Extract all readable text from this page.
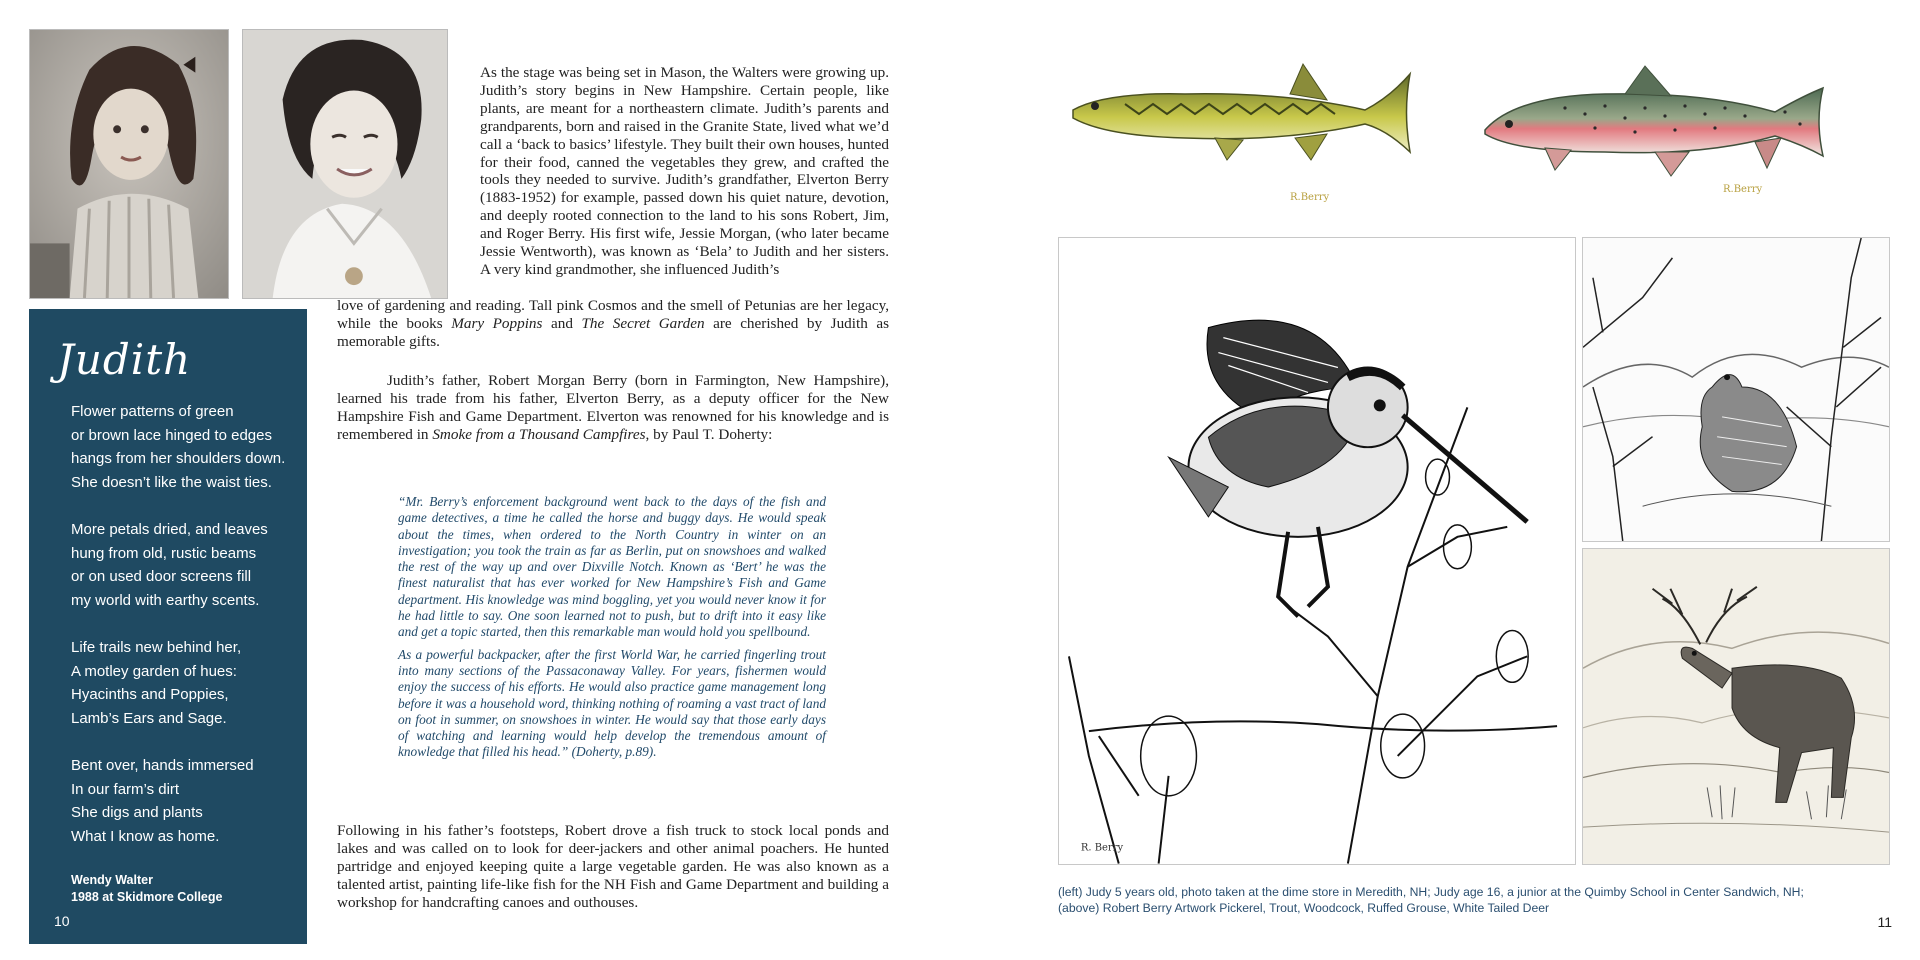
As the stage was being set in Mason, the Walters were growing up. Judith’s story begins in New Hampshire. Certain people, like plants, are meant for a northeastern climate. Judith’s parents and grandparents, born and raised in the Granite State, lived what we’d call a ‘back to basics’ lifestyle. They built their own houses, hunted for their food, canned the vegetables they grew, and crafted the tools they needed to survive. Judith’s grandfather, Elverton Berry (1883-1952) for example, passed down his quiet nature, devotion, and deeply rooted connection to the land to his sons Robert, Jim, and Roger Berry. His first wife, Jessie Morgan, (who later became Jessie Wentworth), was known as ‘Bela’ to Judith and her sisters. A very kind grandmother, she influenced Judith’s
Judith
Flower patterns of green
or brown lace hinged to edges
hangs from her shoulders down.
She doesn’t like the waist ties.
More petals dried, and leaves
hung from old, rustic beams
or on used door screens fill
my world with earthy scents.
Life trails new behind her,
A motley garden of hues:
Hyacinths and Poppies,
Lamb’s Ears and Sage.
Bent over, hands immersed
In our farm’s dirt
She digs and plants
What I know as home.
Wendy Walter
1988 at Skidmore College
10
love of gardening and reading. Tall pink Cosmos and the smell of Petunias are her legacy, while the books Mary Poppins and The Secret Garden are cherished by Judith as memorable gifts.
Judith’s father, Robert Morgan Berry (born in Farmington, New Hampshire), learned his trade from his father, Elverton Berry, as a deputy officer for the New Hampshire Fish and Game Department. Elverton was renowned for his knowledge and is remembered in Smoke from a Thousand Campfires, by Paul T. Doherty:

“Mr. Berry’s enforcement background went back to the days of the fish and game detectives, a time he called the horse and buggy days. He would speak about the times, when ordered to the North Country in winter on an investigation; you took the train as far as Berlin, put on snowshoes and walked the rest of the way up and over Dixville Notch. Known as ‘Bert’ he was the finest naturalist that has ever worked for New Hampshire’s Fish and Game department. His knowledge was mind boggling, yet you would never know it for he had little to say. One soon learned not to push, but to drift into it easy like and get a topic started, then this remarkable man would hold you spellbound.

As a powerful backpacker, after the first World War, he carried fingerling trout into many sections of the Passaconaway Valley. For years, fishermen would enjoy the success of his efforts. He would also practice game management long before it was a household word, thinking nothing of roaming a vast tract of land on foot in summer, on snowshoes in winter. He would say that those early days of watching and learning would help develop the tremendous amount of knowledge that filled his head.” (Doherty, p.89).

Following in his father’s footsteps, Robert drove a fish truck to stock local ponds and lakes and was called on to look for deer-jackers and other animal poachers. He hunted partridge and enjoyed keeping quite a large vegetable garden. He was also known as a talented artist, painting life-like fish for the NH Fish and Game Department and building a workshop for handcrafting canoes and outhouses.
R.Berry
R.Berry
R. Berry
(left) Judy 5 years old, photo taken at the dime store in Meredith, NH; Judy age 16, a junior at the Quimby School in Center Sandwich, NH; (above) Robert Berry Artwork Pickerel, Trout, Woodcock, Ruffed Grouse, White Tailed Deer
11
